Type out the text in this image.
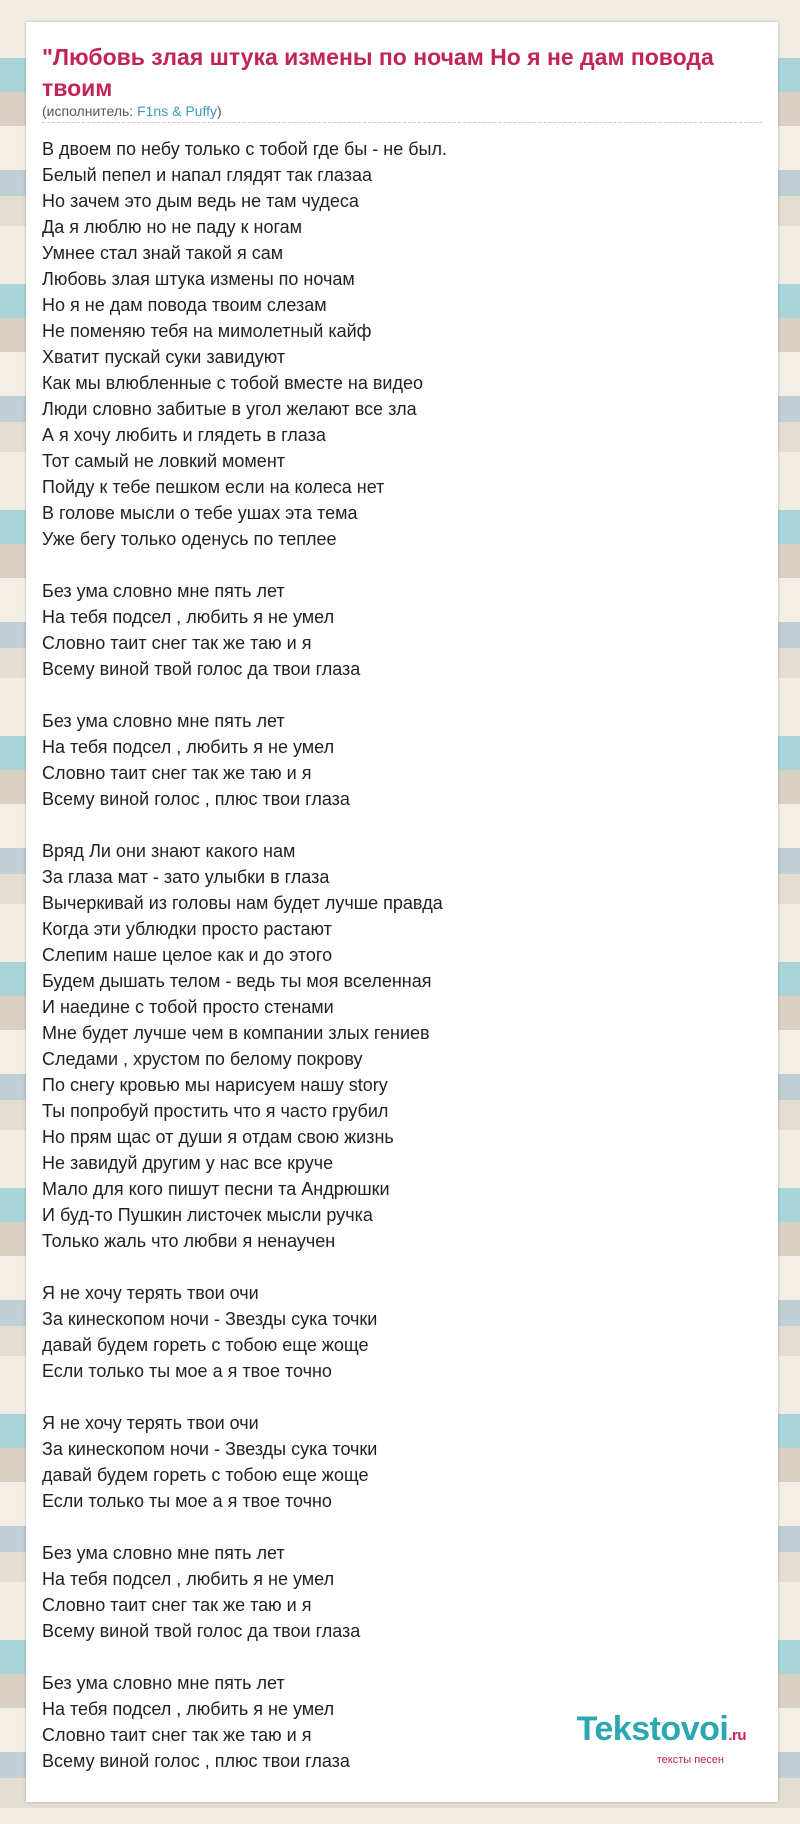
"Любовь злая штука измены по ночам Но я не дам повода твоим
(исполнитель: F1ns & Puffy)
В двоем по небу только с тобой где бы - не был.
Белый пепел и напал глядят так глазаа
Но зачем это дым ведь не там чудеса
Да я люблю но не паду к ногам
Умнее стал знай такой я сам
Любовь злая штука измены по ночам
Но я не дам повода твоим слезам
Не поменяю тебя на мимолетный кайф
Хватит пускай суки завидуют
Как мы влюбленные с тобой вместе на видео
Люди словно забитые в угол желают все зла
А я хочу любить и глядеть в глаза
Тот самый не ловкий момент
Пойду к тебе пешком если на колеса нет
В голове мысли о тебе ушах эта тема
Уже бегу только оденусь по теплее
Без ума словно мне пять лет
На тебя подсел , любить я не умел
Словно таит снег так же таю и я
Всему виной твой голос да твои глаза
Без ума словно мне пять лет
На тебя подсел , любить я не умел
Словно таит снег так же таю и я
Всему виной голос , плюс твои глаза
Вряд Ли они знают какого нам
За глаза мат - зато улыбки в глаза
Вычеркивай из головы нам будет лучше правда
Когда эти ублюдки просто растают
Слепим наше целое как и до этого
Будем дышать телом - ведь ты моя вселенная
И наедине с тобой просто стенами
Мне будет лучше чем в компании злых гениев
Следами , хрустом по белому покрову
По снегу кровью мы нарисуем нашу story
Ты попробуй простить что я часто грубил
Но прям щас от души я отдам свою жизнь
Не завидуй другим у нас все круче
Мало для кого пишут песни та Андрюшки
И буд-то Пушкин листочек мысли ручка
Только жаль что любви я ненаучен
Я не хочу терять твои очи
За кинескопом ночи - Звезды сука точки
давай будем гореть с тобою еще жоще
Если только ты мое а я твое точно
Я не хочу терять твои очи
За кинескопом ночи - Звезды сука точки
давай будем гореть с тобою еще жоще
Если только ты мое а я твое точно
Без ума словно мне пять лет
На тебя подсел , любить я не умел
Словно таит снег так же таю и я
Всему виной твой голос да твои глаза
Без ума словно мне пять лет
На тебя подсел , любить я не умел
Словно таит снег так же таю и я
Всему виной голос , плюс твои глаза
Tekstovoi.ru
тексты песен
